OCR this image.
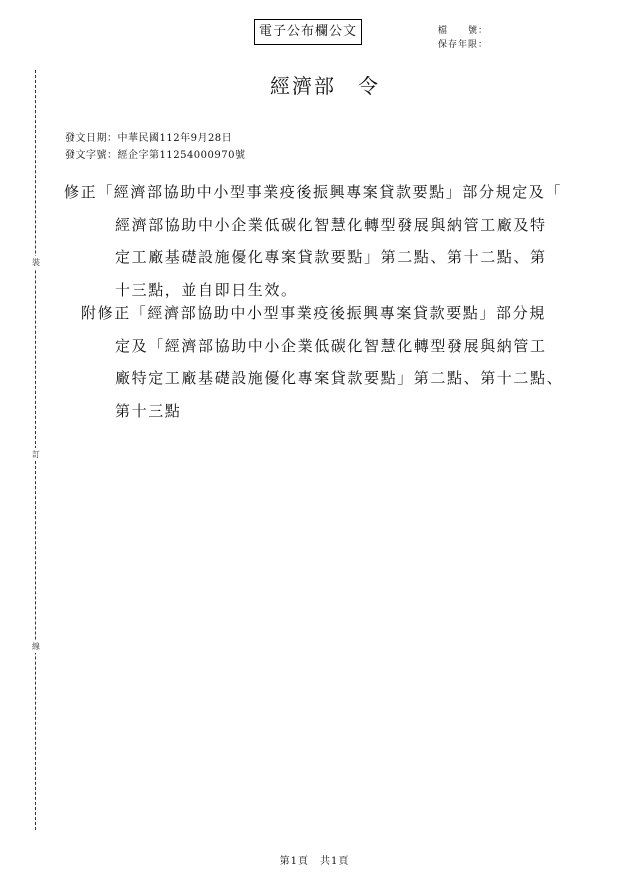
電子公布欄公文	檔　　號：
保存年限：
經濟部　令
裝
訂
線
發文日期：中華民國112年9月28日
發文字號：經企字第11254000970號
修正「經濟部協助中小型事業疫後振興專案貸款要點」部分規定及「
經濟部協助中小企業低碳化智慧化轉型發展與納管工廠及特
定工廠基礎設施優化專案貸款要點」第二點、第十二點、第
十三點，並自即日生效。
附修正「經濟部協助中小型事業疫後振興專案貸款要點」部分規
定及「經濟部協助中小企業低碳化智慧化轉型發展與納管工
廠特定工廠基礎設施優化專案貸款要點」第二點、第十二點、
第十三點
第1頁　共1頁
